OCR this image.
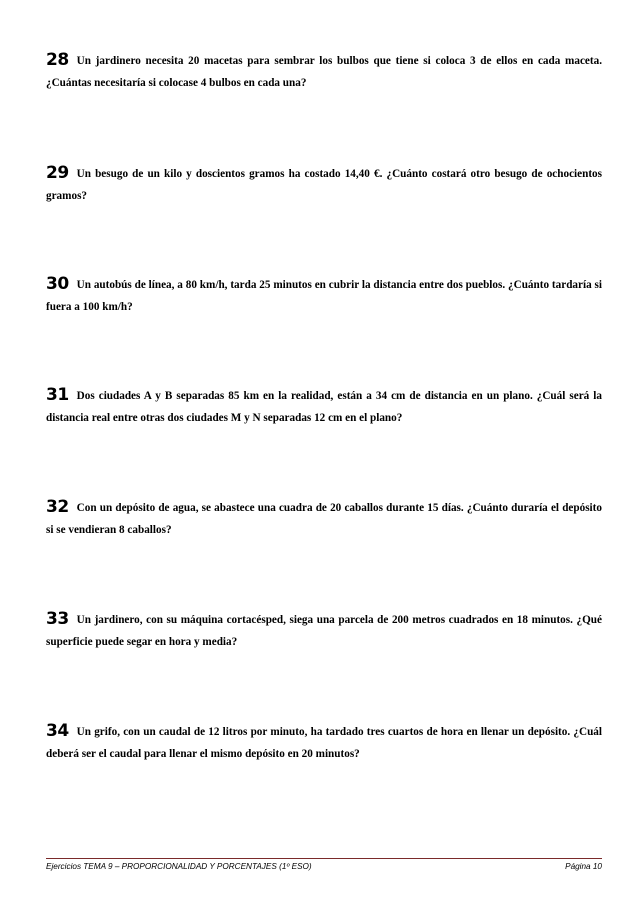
28 Un jardinero necesita 20 macetas para sembrar los bulbos que tiene si coloca 3 de ellos en cada maceta. ¿Cuántas necesitaría si colocase 4 bulbos en cada una?

29 Un besugo de un kilo y doscientos gramos ha costado 14,40 €. ¿Cuánto costará otro besugo de ochocientos gramos?

30 Un autobús de línea, a 80 km/h, tarda 25 minutos en cubrir la distancia entre dos pueblos. ¿Cuánto tardaría si fuera a 100 km/h?

31 Dos ciudades A y B separadas 85 km en la realidad, están a 34 cm de distancia en un plano. ¿Cuál será la distancia real entre otras dos ciudades M y N separadas 12 cm en el plano?

32 Con un depósito de agua, se abastece una cuadra de 20 caballos durante 15 días. ¿Cuánto duraría el depósito si se vendieran 8 caballos?

33 Un jardinero, con su máquina cortacésped, siega una parcela de 200 metros cuadrados en 18 minutos. ¿Qué superficie puede segar en hora y media?

34 Un grifo, con un caudal de 12 litros por minuto, ha tardado tres cuartos de hora en llenar un depósito. ¿Cuál deberá ser el caudal para llenar el mismo depósito en 20 minutos?

Ejercicios TEMA 9 – PROPORCIONALIDAD Y PORCENTAJES (1º ESO)	Página 10
